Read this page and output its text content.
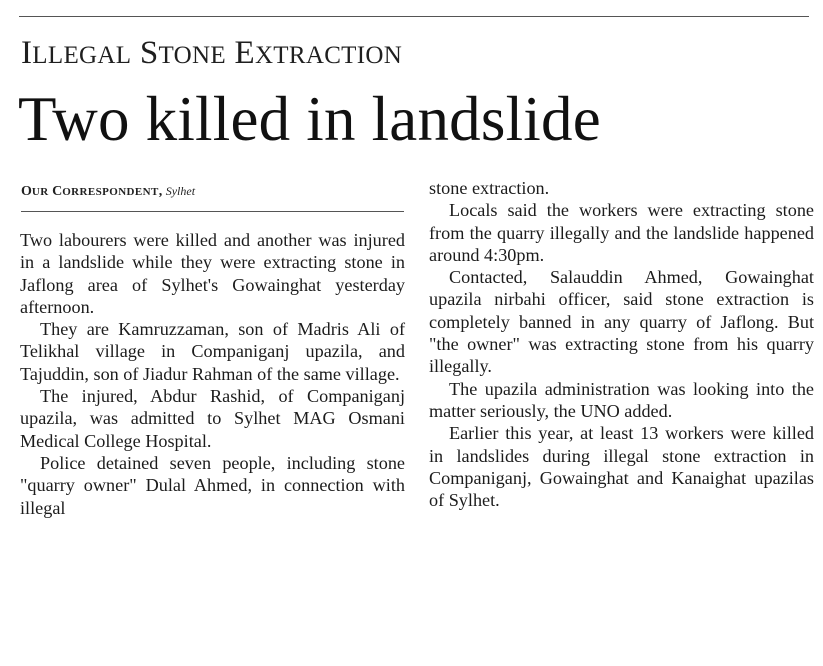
ILLEGAL STONE EXTRACTION
Two killed in landslide
OUR CORRESPONDENT, Sylhet

Two labourers were killed and another was injured in a landslide while they were extracting stone in Jaflong area of Sylhet's Gowainghat yesterday afternoon.

They are Kamruzzaman, son of Madris Ali of Telikhal village in Companiganj upazila, and Tajuddin, son of Jiadur Rahman of the same village.

The injured, Abdur Rashid, of Companiganj upazila, was admitted to Sylhet MAG Osmani Medical College Hospital.

Police detained seven people, including stone "quarry owner" Dulal Ahmed, in connection with illegal

stone extraction.

Locals said the workers were extracting stone from the quarry illegally and the landslide happened around 4:30pm.

Contacted, Salauddin Ahmed, Gowainghat upazila nirbahi officer, said stone extraction is completely banned in any quarry of Jaflong. But "the owner" was extracting stone from his quarry illegally.

The upazila administration was looking into the matter seriously, the UNO added.

Earlier this year, at least 13 workers were killed in landslides during illegal stone extraction in Companiganj, Gowainghat and Kanaighat upazilas of Sylhet.
